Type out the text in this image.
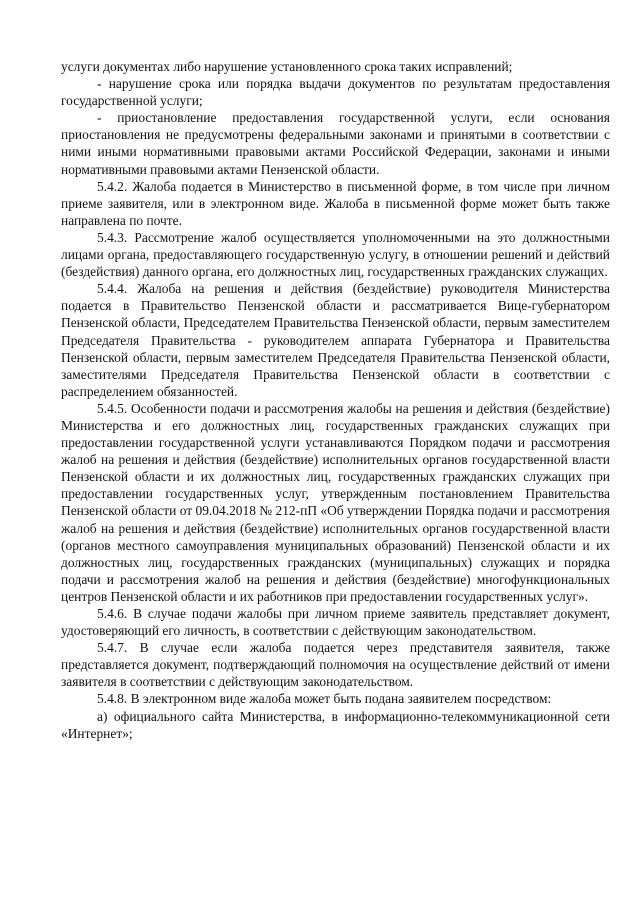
услуги документах либо нарушение установленного срока таких исправлений;

- нарушение срока или порядка выдачи документов по результатам предоставления государственной услуги;

- приостановление предоставления государственной услуги, если основания приостановления не предусмотрены федеральными законами и принятыми в соответствии с ними иными нормативными правовыми актами Российской Федерации, законами и иными нормативными правовыми актами Пензенской области.

5.4.2. Жалоба подается в Министерство в письменной форме, в том числе при личном приеме заявителя, или в электронном виде. Жалоба в письменной форме может быть также направлена по почте.

5.4.3. Рассмотрение жалоб осуществляется уполномоченными на это должностными лицами органа, предоставляющего государственную услугу, в отношении решений и действий (бездействия) данного органа, его должностных лиц, государственных гражданских служащих.

5.4.4. Жалоба на решения и действия (бездействие) руководителя Министерства подается в Правительство Пензенской области и рассматривается Вице-губернатором Пензенской области, Председателем Правительства Пензенской области, первым заместителем Председателя Правительства - руководителем аппарата Губернатора и Правительства Пензенской области, первым заместителем Председателя Правительства Пензенской области, заместителями Председателя Правительства Пензенской области в соответствии с распределением обязанностей.

5.4.5. Особенности подачи и рассмотрения жалобы на решения и действия (бездействие) Министерства и его должностных лиц, государственных гражданских служащих при предоставлении государственной услуги устанавливаются Порядком подачи и рассмотрения жалоб на решения и действия (бездействие) исполнительных органов государственной власти Пензенской области и их должностных лиц, государственных гражданских служащих при предоставлении государственных услуг, утвержденным постановлением Правительства Пензенской области от 09.04.2018 № 212-пП «Об утверждении Порядка подачи и рассмотрения жалоб на решения и действия (бездействие) исполнительных органов государственной власти (органов местного самоуправления муниципальных образований) Пензенской области и их должностных лиц, государственных гражданских (муниципальных) служащих и порядка подачи и рассмотрения жалоб на решения и действия (бездействие) многофункциональных центров Пензенской области и их работников при предоставлении государственных услуг».

5.4.6. В случае подачи жалобы при личном приеме заявитель представляет документ, удостоверяющий его личность, в соответствии с действующим законодательством.

5.4.7. В случае если жалоба подается через представителя заявителя, также представляется документ, подтверждающий полномочия на осуществление действий от имени заявителя в соответствии с действующим законодательством.

5.4.8. В электронном виде жалоба может быть подана заявителем посредством:

а) официального сайта Министерства, в информационно-телекоммуникационной сети «Интернет»;
